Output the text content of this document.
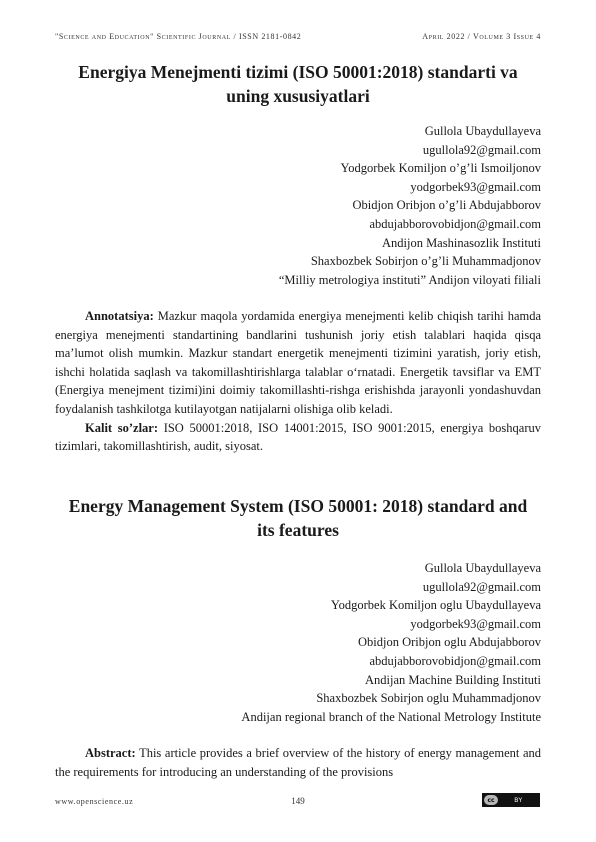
"Science and Education" Scientific Journal / ISSN 2181-0842	April 2022 / Volume 3 Issue 4
Energiya Menejmenti tizimi (ISO 50001:2018) standarti va
uning xususiyatlari
Gullola Ubaydullayeva
ugullola92@gmail.com
Yodgorbek Komiljon o’g’li Ismoiljonov
yodgorbek93@gmail.com
Obidjon Oribjon o’g’li Abdujabborov
abdujabborovobidjon@gmail.com
Andijon Mashinasozlik Instituti
Shaxbozbek Sobirjon o’g’li Muhammadjonov
“Milliy metrologiya instituti” Andijon viloyati filiali

Annotatsiya: Mazkur maqola yordamida energiya menejmenti kelib chiqish tarihi hamda energiya menejmenti standartining bandlarini tushunish joriy etish talablari haqida qisqa ma’lumot olish mumkin. Mazkur standart energetik menejmenti tizimini yaratish, joriy etish, ishchi holatida saqlash va takomillashtirishlarga talablar o‘rnatadi. Energetik tavsiflar va EMT (Energiya menejment tizimi)ini doimiy takomillashti-rishga erishishda jarayonli yondashuvdan foydalanish tashkilotga kutilayotgan natijalarni olishiga olib keladi.

Kalit so’zlar: ISO 50001:2018, ISO 14001:2015, ISO 9001:2015, energiya boshqaruv tizimlari, takomillashtirish, audit, siyosat.

Energy Management System (ISO 50001: 2018) standard and
its features
Gullola Ubaydullayeva
ugullola92@gmail.com
Yodgorbek Komiljon oglu Ubaydullayeva
yodgorbek93@gmail.com
Obidjon Oribjon oglu Abdujabborov
abdujabborovobidjon@gmail.com
Andijan Machine Building Instituti
Shaxbozbek Sobirjon oglu Muhammadjonov
Andijan regional branch of the National Metrology Institute

Abstract: This article provides a brief overview of the history of energy management and the requirements for introducing an understanding of the provisions

www.openscience.uz	149	cc	BY
